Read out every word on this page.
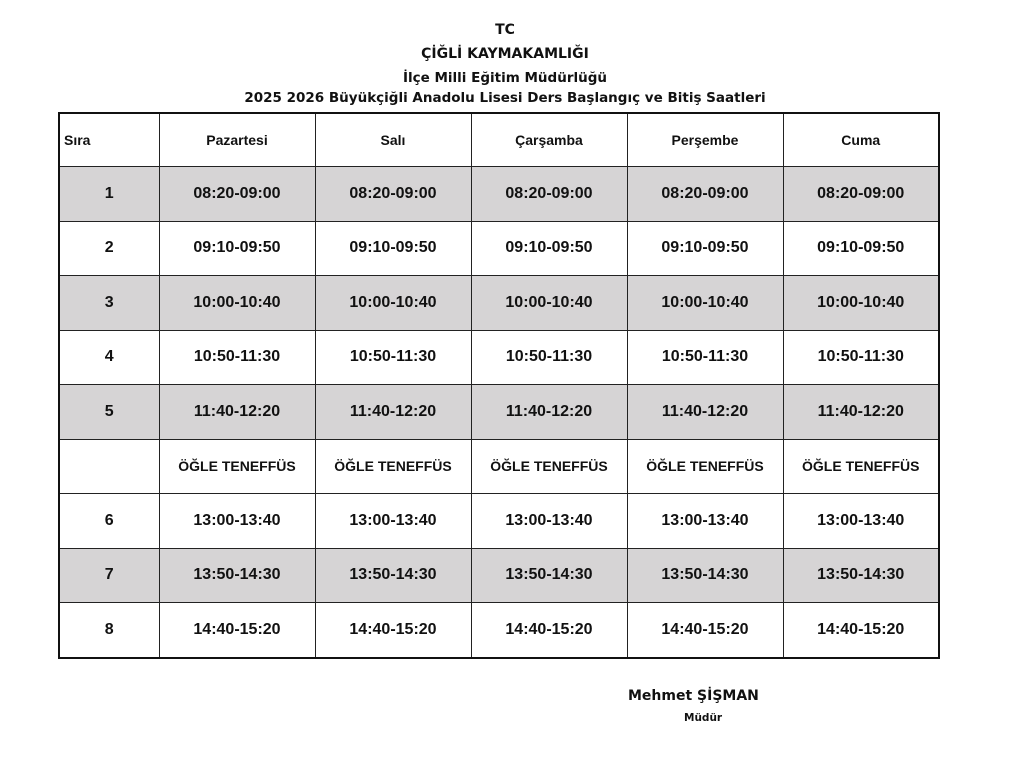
TC
ÇİĞLİ KAYMAKAMLIĞI
İlçe Milli Eğitim Müdürlüğü
2025 2026 Büyükçiğli Anadolu Lisesi Ders Başlangıç ve Bitiş Saatleri
Sıra	Pazartesi	Salı	Çarşamba	Perşembe	Cuma
1	08:20-09:00	08:20-09:00	08:20-09:00	08:20-09:00	08:20-09:00
2	09:10-09:50	09:10-09:50	09:10-09:50	09:10-09:50	09:10-09:50
3	10:00-10:40	10:00-10:40	10:00-10:40	10:00-10:40	10:00-10:40
4	10:50-11:30	10:50-11:30	10:50-11:30	10:50-11:30	10:50-11:30
5	11:40-12:20	11:40-12:20	11:40-12:20	11:40-12:20	11:40-12:20
	ÖĞLE TENEFFÜS	ÖĞLE TENEFFÜS	ÖĞLE TENEFFÜS	ÖĞLE TENEFFÜS	ÖĞLE TENEFFÜS
6	13:00-13:40	13:00-13:40	13:00-13:40	13:00-13:40	13:00-13:40
7	13:50-14:30	13:50-14:30	13:50-14:30	13:50-14:30	13:50-14:30
8	14:40-15:20	14:40-15:20	14:40-15:20	14:40-15:20	14:40-15:20
Mehmet ŞİŞMAN
Müdür
